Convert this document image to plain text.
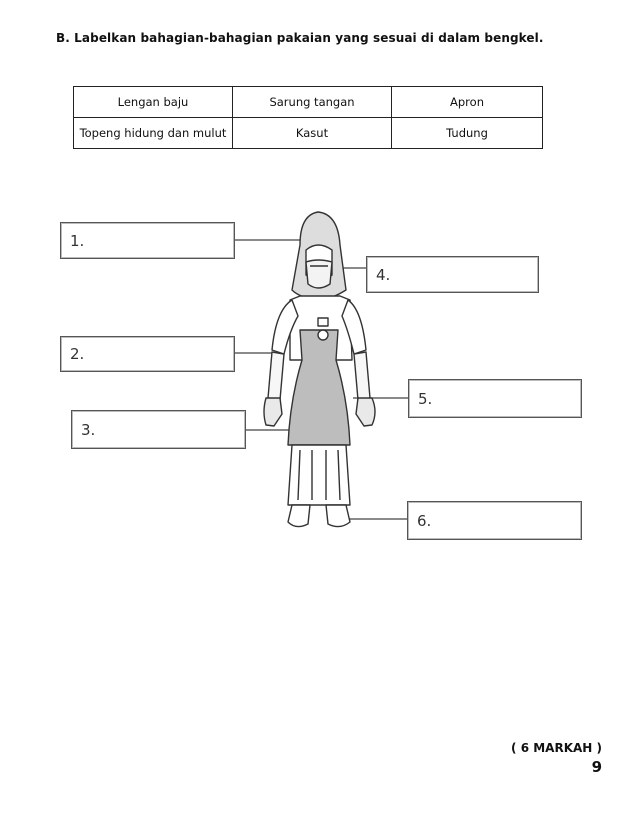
B. Labelkan bahagian-bahagian pakaian yang sesuai di dalam bengkel.
Lengan baju	Sarung tangan	Apron
Topeng hidung dan mulut	Kasut	Tudung
1.
2.
3.
4.
5.
6.
( 6 MARKAH )
9
